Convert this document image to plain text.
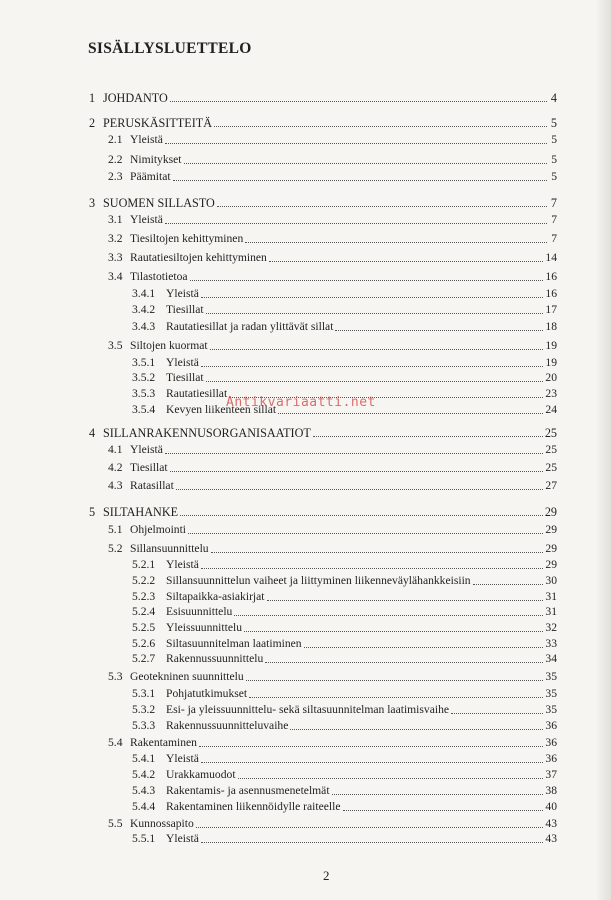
SISÄLLYSLUETTELO
1 JOHDANTO	4
2 PERUSKÄSITTEITÄ	5
2.1 Yleistä	5
2.2 Nimitykset	5
2.3 Päämitat	5
3 SUOMEN SILLASTO	7
3.1 Yleistä	7
3.2 Tiesiltojen kehittyminen	7
3.3 Rautatiesiltojen kehittyminen	14
3.4 Tilastotietoa	16
3.4.1 Yleistä	16
3.4.2 Tiesillat	17
3.4.3 Rautatiesillat ja radan ylittävät sillat	18
3.5 Siltojen kuormat	19
3.5.1 Yleistä	19
3.5.2 Tiesillat	20
3.5.3 Rautatiesillat	23
3.5.4 Kevyen liikenteen sillat	24
4 SILLANRAKENNUSORGANISAATIOT	25
4.1 Yleistä	25
4.2 Tiesillat	25
4.3 Ratasillat	27
5 SILTAHANKE	29
5.1 Ohjelmointi	29
5.2 Sillansuunnittelu	29
5.2.1 Yleistä	29
5.2.2 Sillansuunnittelun vaiheet ja liittyminen liikenneväylähankkeisiin	30
5.2.3 Siltapaikka-asiakirjat	31
5.2.4 Esisuunnittelu	31
5.2.5 Yleissuunnittelu	32
5.2.6 Siltasuunnitelman laatiminen	33
5.2.7 Rakennussuunnittelu	34
5.3 Geotekninen suunnittelu	35
5.3.1 Pohjatutkimukset	35
5.3.2 Esi- ja yleissuunnittelu- sekä siltasuunnitelman laatimisvaihe	35
5.3.3 Rakennussuunnitteluvaihe	36
5.4 Rakentaminen	36
5.4.1 Yleistä	36
5.4.2 Urakkamuodot	37
5.4.3 Rakentamis- ja asennusmenetelmät	38
5.4.4 Rakentaminen liikennöidylle raiteelle	40
5.5 Kunnossapito	43
5.5.1 Yleistä	43
Antikvariaatti.net
2
